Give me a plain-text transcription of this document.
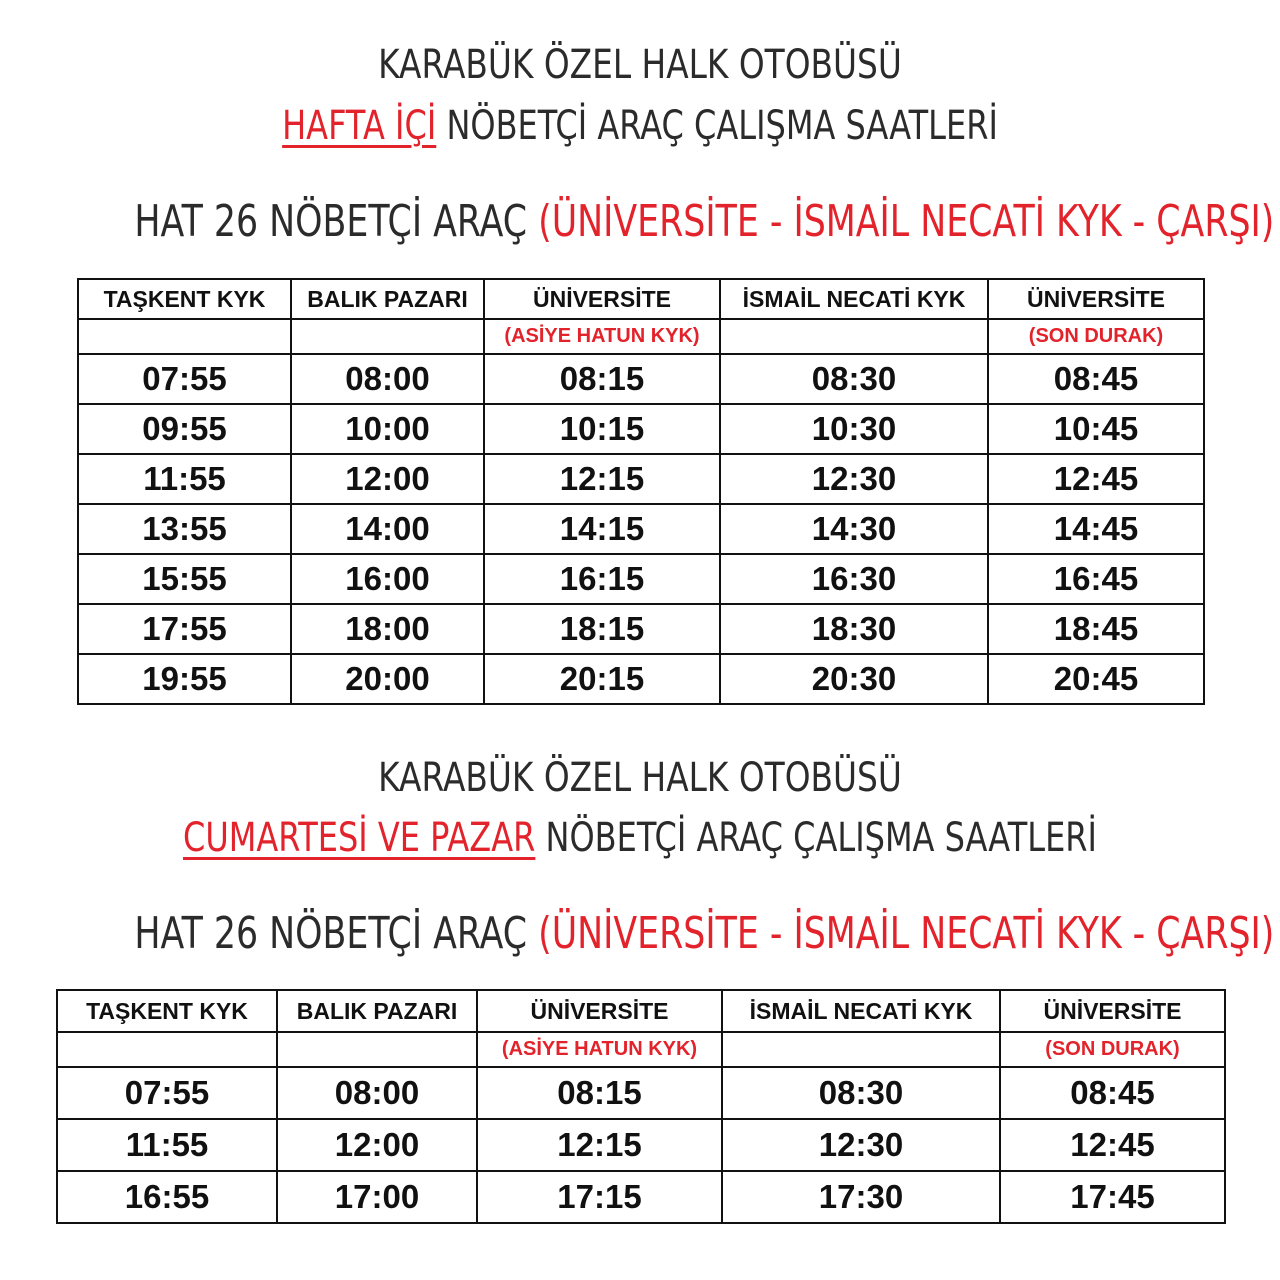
KARABÜK ÖZEL HALK OTOBÜSÜ
HAFTA İÇİ NÖBETÇİ ARAÇ ÇALIŞMA SAATLERİ
HAT 26 NÖBETÇİ ARAÇ (ÜNİVERSİTE - İSMAİL NECATİ KYK - ÇARŞI)
TAŞKENT KYK	BALIK PAZARI	ÜNİVERSİTE	İSMAİL NECATİ KYK	ÜNİVERSİTE
		(ASİYE HATUN KYK)		(SON DURAK)
07:55	08:00	08:15	08:30	08:45
09:55	10:00	10:15	10:30	10:45
11:55	12:00	12:15	12:30	12:45
13:55	14:00	14:15	14:30	14:45
15:55	16:00	16:15	16:30	16:45
17:55	18:00	18:15	18:30	18:45
19:55	20:00	20:15	20:30	20:45
KARABÜK ÖZEL HALK OTOBÜSÜ
CUMARTESİ VE PAZAR NÖBETÇİ ARAÇ ÇALIŞMA SAATLERİ
HAT 26 NÖBETÇİ ARAÇ (ÜNİVERSİTE - İSMAİL NECATİ KYK - ÇARŞI)
TAŞKENT KYK	BALIK PAZARI	ÜNİVERSİTE	İSMAİL NECATİ KYK	ÜNİVERSİTE
		(ASİYE HATUN KYK)		(SON DURAK)
07:55	08:00	08:15	08:30	08:45
11:55	12:00	12:15	12:30	12:45
16:55	17:00	17:15	17:30	17:45
